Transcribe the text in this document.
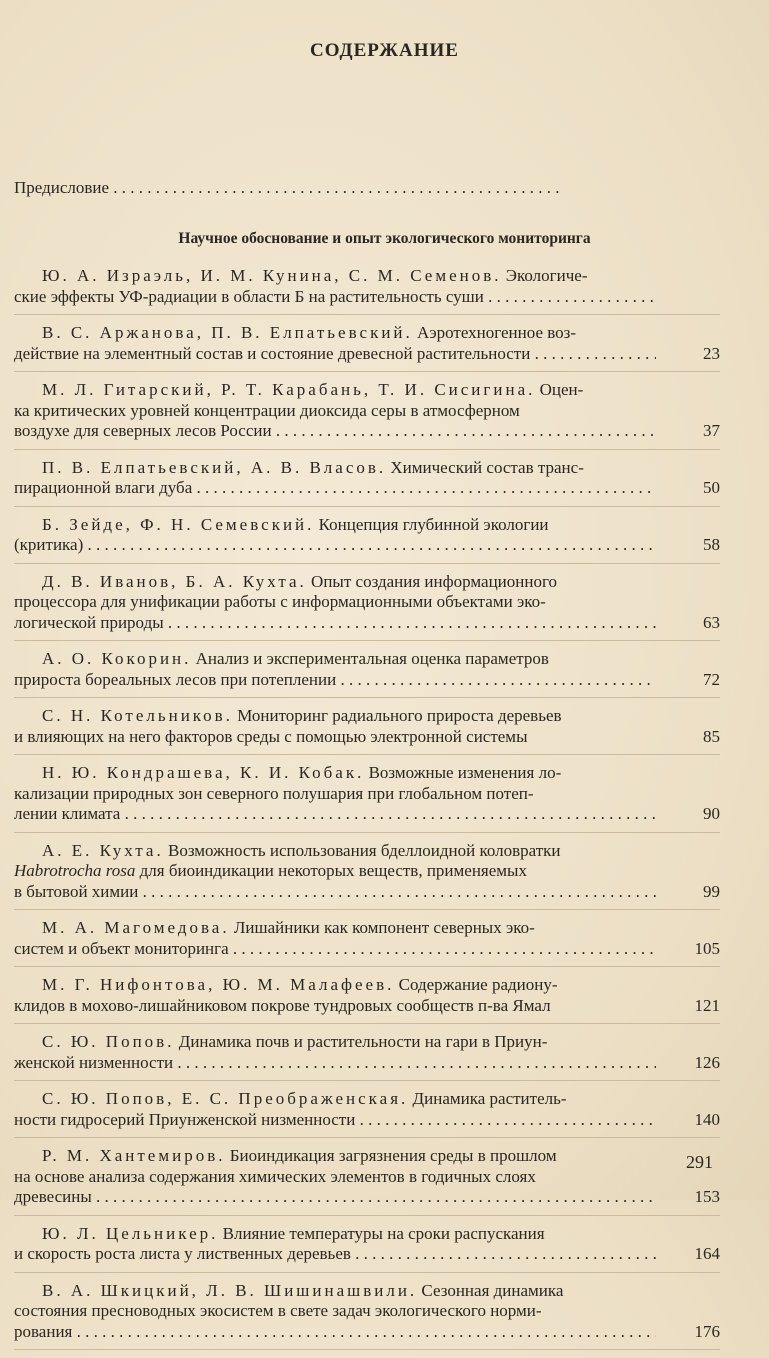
СОДЕРЖАНИЕ
Предисловие . . . . . . . . . . . . . . . . . . . . . . . . . . . . . . . . . . . . . . . . . . . . . . . . . . . . .
Научное обоснование и опыт экологического мониторинга
Ю. А. Израэль, И. М. Кунина, С. М. Семенов. Экологиче-
ские эффекты УФ-радиации в области Б на растительность суши . . .
В. С. Аржанова, П. В. Елпатьевский. Аэротехногенное воз-
действие на элементный состав и состояние древесной растительности . . .	23
М. Л. Гитарский, Р. Т. Карабань, Т. И. Сисигина. Оцен-
ка критических уровней концентрации диоксида серы в атмосферном
воздухе для северных лесов России . . .	37
П. В. Елпатьевский, А. В. Власов. Химический состав транс-
пирационной влаги дуба . . .	50
Б. Зейде, Ф. Н. Семевский. Концепция глубинной экологии
(критика) . . .	58
Д. В. Иванов, Б. А. Кухта. Опыт создания информационного
процессора для унификации работы с информационными объектами эко-
логической природы . . .	63
А. О. Кокорин. Анализ и экспериментальная оценка параметров
прироста бореальных лесов при потеплении . . .	72
С. Н. Котельников. Мониторинг радиального прироста деревьев
и влияющих на него факторов среды с помощью электронной системы	85
Н. Ю. Кондрашева, К. И. Кобак. Возможные изменения ло-
кализации природных зон северного полушария при глобальном потеп-
лении климата . . .	90
А. Е. Кухта. Возможность использования бделлоидной коловратки
Habrotrocha rosa для биоиндикации некоторых веществ, применяемых
в бытовой химии . . .	99
М. А. Магомедова. Лишайники как компонент северных эко-
систем и объект мониторинга . . .	105
М. Г. Нифонтова, Ю. М. Малафеев. Содержание радиону-
клидов в мохово-лишайниковом покрове тундровых сообществ п-ва Ямал	121
С. Ю. Попов. Динамика почв и растительности на гари в Приун-
женской низменности . . .	126
С. Ю. Попов, Е. С. Преображенская. Динамика раститель-
ности гидросерий Приунженской низменности . . .	140
Р. М. Хантемиров. Биоиндикация загрязнения среды в прошлом
на основе анализа содержания химических элементов в годичных слоях
древесины . . .	153
Ю. Л. Цельникер. Влияние температуры на сроки распускания
и скорость роста листа у лиственных деревьев . . .	164
В. А. Шкицкий, Л. В. Шишинашвили. Сезонная динамика
состояния пресноводных экосистем в свете задач экологического норми-
рования . . .	176
291
